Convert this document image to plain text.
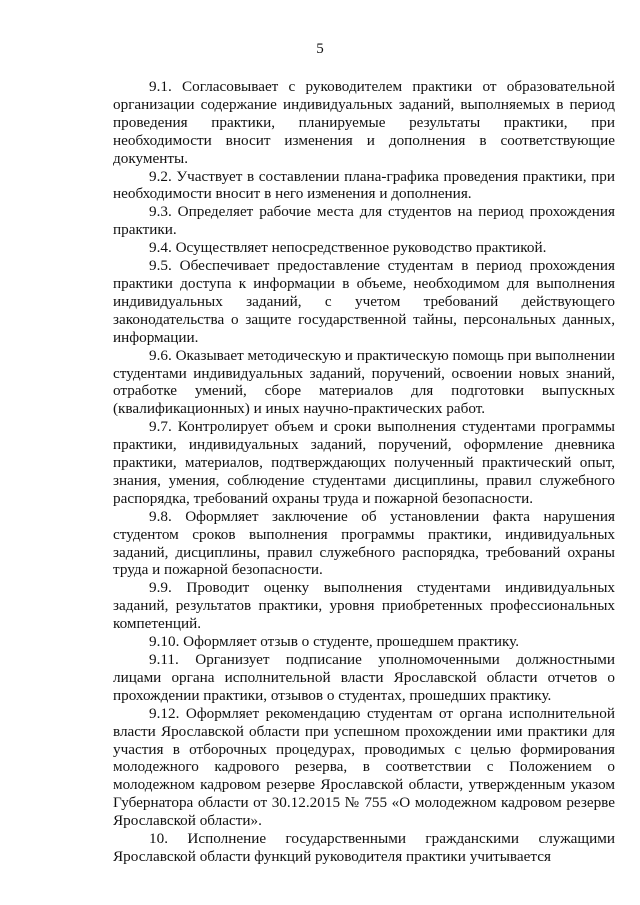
5

9.1. Согласовывает с руководителем практики от образовательной организации содержание индивидуальных заданий, выполняемых в период проведения практики, планируемые результаты практики, при необходимости вносит изменения и дополнения в соответствующие документы.

9.2. Участвует в составлении плана-графика проведения практики, при необходимости вносит в него изменения и дополнения.

9.3. Определяет рабочие места для студентов на период прохождения практики.

9.4. Осуществляет непосредственное руководство практикой.

9.5. Обеспечивает предоставление студентам в период прохождения практики доступа к информации в объеме, необходимом для выполнения индивидуальных заданий, с учетом требований действующего законодательства о защите государственной тайны, персональных данных, информации.

9.6. Оказывает методическую и практическую помощь при выполнении студентами индивидуальных заданий, поручений, освоении новых знаний, отработке умений, сборе материалов для подготовки выпускных (квалификационных) и иных научно-практических работ.

9.7. Контролирует объем и сроки выполнения студентами программы практики, индивидуальных заданий, поручений, оформление дневника практики, материалов, подтверждающих полученный практический опыт, знания, умения, соблюдение студентами дисциплины, правил служебного распорядка, требований охраны труда и пожарной безопасности.

9.8. Оформляет заключение об установлении факта нарушения студентом сроков выполнения программы практики, индивидуальных заданий, дисциплины, правил служебного распорядка, требований охраны труда и пожарной безопасности.

9.9. Проводит оценку выполнения студентами индивидуальных заданий, результатов практики, уровня приобретенных профессиональных компетенций.

9.10. Оформляет отзыв о студенте, прошедшем практику.

9.11. Организует подписание уполномоченными должностными лицами органа исполнительной власти Ярославской области отчетов о прохождении практики, отзывов о студентах, прошедших практику.

9.12. Оформляет рекомендацию студентам от органа исполнительной власти Ярославской области при успешном прохождении ими практики для участия в отборочных процедурах, проводимых с целью формирования молодежного кадрового резерва, в соответствии с Положением о молодежном кадровом резерве Ярославской области, утвержденным указом Губернатора области от 30.12.2015 № 755 «О молодежном кадровом резерве Ярославской области».

10. Исполнение государственными гражданскими служащими Ярославской области функций руководителя практики учитывается
